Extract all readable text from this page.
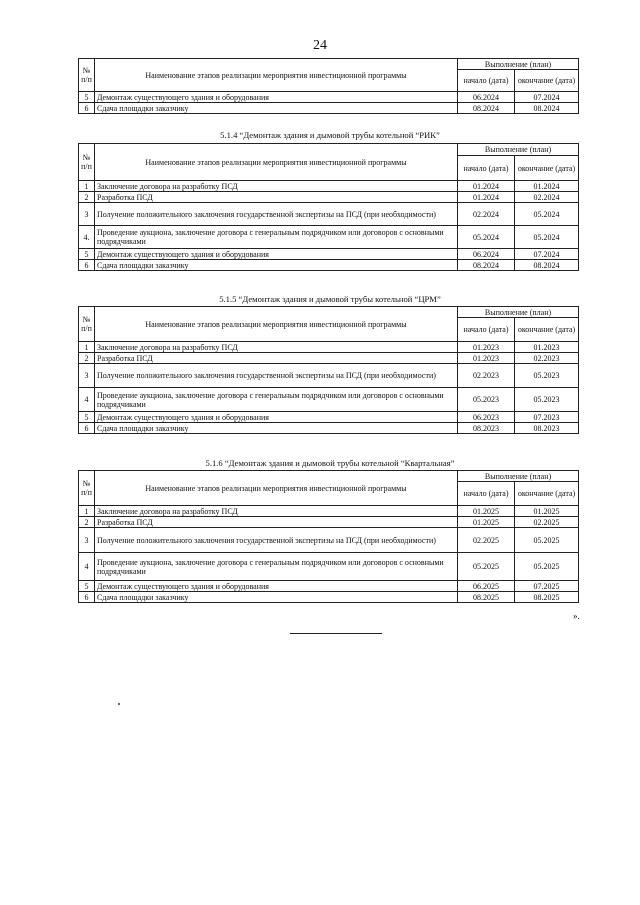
24
№ п/п	Наименование этапов реализации мероприятия инвестиционной программы	Выполнение (план)	
		начало (дата)	окончание (дата)

5	Демонтаж существующего здания и оборудования	06.2024	07.2024
6	Сдача площадки заказчику	08.2024	08.2024
5.1.4 “Демонтаж здания и дымовой трубы котельной “РИК”
№ п/п	Наименование этапов реализации мероприятия инвестиционной программы	Выполнение (план)	
		начало (дата)	окончание (дата)

1	Заключение договора на разработку ПСД	01.2024	01.2024
2	Разработка ПСД	01.2024	02.2024
3	Получение положительного заключения государственной экспертизы на ПСД (при необходимости)	02.2024	05.2024
4.	Проведение аукциона, заключение договора с генеральным подрядчиком или договоров с основными подрядчиками	05.2024	05.2024
5	Демонтаж существующего здания и оборудования	06.2024	07.2024
6	Сдача площадки заказчику	08.2024	08.2024
5.1.5 “Демонтаж здания и дымовой трубы котельной “ЦРМ”
№ п/п	Наименование этапов реализации мероприятия инвестиционной программы	Выполнение (план)	
		начало (дата)	окончание (дата)

1	Заключение договора на разработку ПСД	01.2023	01.2023
2	Разработка ПСД	01.2023	02.2023
3	Получение положительного заключения государственной экспертизы на ПСД (при необходимости)	02.2023	05.2023
4	Проведение аукциона, заключение договора с генеральным подрядчиком или договоров с основными подрядчиками	05.2023	05.2023
5	Демонтаж существующего здания и оборудования	06.2023	07.2023
6	Сдача площадки заказчику	08.2023	08.2023
5.1.6 “Демонтаж здания и дымовой трубы котельной “Квартальная”
№ п/п	Наименование этапов реализации мероприятия инвестиционной программы	Выполнение (план)	
		начало (дата)	окончание (дата)

1	Заключение договора на разработку ПСД	01.2025	01.2025
2	Разработка ПСД	01.2025	02.2025
3	Получение положительного заключения государственной экспертизы на ПСД (при необходимости)	02.2025	05.2025
4	Проведение аукциона, заключение договора с генеральным подрядчиком или договоров с основными подрядчиками	05.2025	05.2025
5	Демонтаж существующего здания и оборудования	06.2025	07.2025
6	Сдача площадки заказчику	08.2025	08.2025
».
